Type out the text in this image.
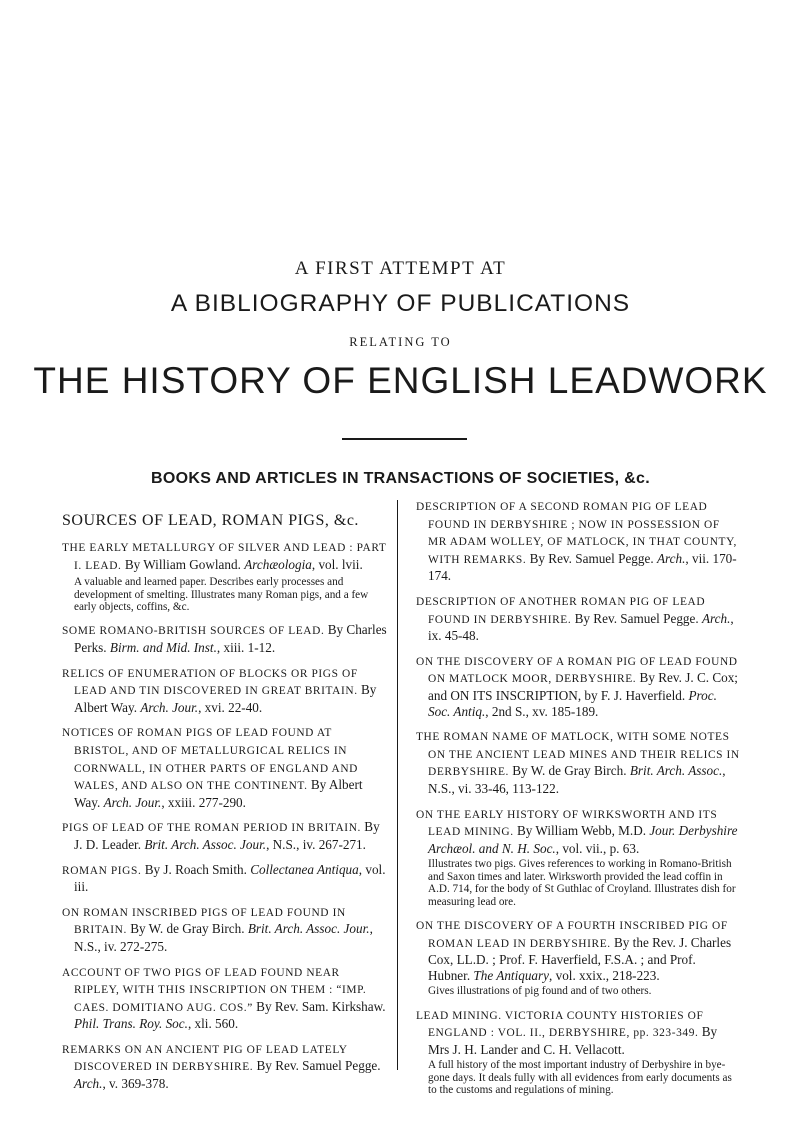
A FIRST ATTEMPT AT
A BIBLIOGRAPHY OF PUBLICATIONS
RELATING TO
THE HISTORY OF ENGLISH LEADWORK
BOOKS AND ARTICLES IN TRANSACTIONS OF SOCIETIES, &c.
SOURCES OF LEAD, ROMAN PIGS, &c.
THE EARLY METALLURGY OF SILVER AND LEAD : PART I. LEAD. By William Gowland. Archæologia, vol. lvii.
A valuable and learned paper. Describes early processes and development of smelting. Illustrates many Roman pigs, and a few early objects, coffins, &c.
SOME ROMANO-BRITISH SOURCES OF LEAD. By Charles Perks. Birm. and Mid. Inst., xiii. 1-12.
RELICS OF ENUMERATION OF BLOCKS OR PIGS OF LEAD AND TIN DISCOVERED IN GREAT BRITAIN. By Albert Way. Arch. Jour., xvi. 22-40.
NOTICES OF ROMAN PIGS OF LEAD FOUND AT BRISTOL, AND OF METALLURGICAL RELICS IN CORNWALL, IN OTHER PARTS OF ENGLAND AND WALES, AND ALSO ON THE CONTINENT. By Albert Way. Arch. Jour., xxiii. 277-290.
PIGS OF LEAD OF THE ROMAN PERIOD IN BRITAIN. By J. D. Leader. Brit. Arch. Assoc. Jour., N.S., iv. 267-271.
ROMAN PIGS. By J. Roach Smith. Collectanea Antiqua, vol. iii.
ON ROMAN INSCRIBED PIGS OF LEAD FOUND IN BRITAIN. By W. de Gray Birch. Brit. Arch. Assoc. Jour., N.S., iv. 272-275.
ACCOUNT OF TWO PIGS OF LEAD FOUND NEAR RIPLEY, WITH THIS INSCRIPTION ON THEM : “IMP. CAES. DOMITIANO AUG. COS.” By Rev. Sam. Kirkshaw. Phil. Trans. Roy. Soc., xli. 560.
REMARKS ON AN ANCIENT PIG OF LEAD LATELY DISCOVERED IN DERBYSHIRE. By Rev. Samuel Pegge. Arch., v. 369-378.
DESCRIPTION OF A SECOND ROMAN PIG OF LEAD FOUND IN DERBYSHIRE ; NOW IN POSSESSION OF MR ADAM WOLLEY, OF MATLOCK, IN THAT COUNTY, WITH REMARKS. By Rev. Samuel Pegge. Arch., vii. 170-174.
DESCRIPTION OF ANOTHER ROMAN PIG OF LEAD FOUND IN DERBYSHIRE. By Rev. Samuel Pegge. Arch., ix. 45-48.
ON THE DISCOVERY OF A ROMAN PIG OF LEAD FOUND ON MATLOCK MOOR, DERBYSHIRE. By Rev. J. C. Cox; and ON ITS INSCRIPTION, by F. J. Haverfield. Proc. Soc. Antiq., 2nd S., xv. 185-189.
THE ROMAN NAME OF MATLOCK, WITH SOME NOTES ON THE ANCIENT LEAD MINES AND THEIR RELICS IN DERBYSHIRE. By W. de Gray Birch. Brit. Arch. Assoc., N.S., vi. 33-46, 113-122.
ON THE EARLY HISTORY OF WIRKSWORTH AND ITS LEAD MINING. By William Webb, M.D. Jour. Derbyshire Archæol. and N. H. Soc., vol. vii., p. 63.
Illustrates two pigs. Gives references to working in Romano-British and Saxon times and later. Wirksworth provided the lead coffin in A.D. 714, for the body of St Guthlac of Croyland. Illustrates dish for measuring lead ore.
ON THE DISCOVERY OF A FOURTH INSCRIBED PIG OF ROMAN LEAD IN DERBYSHIRE. By the Rev. J. Charles Cox, LL.D. ; Prof. F. Haverfield, F.S.A. ; and Prof. Hubner. The Antiquary, vol. xxix., 218-223.
Gives illustrations of pig found and of two others.
LEAD MINING. VICTORIA COUNTY HISTORIES OF ENGLAND : VOL. II., DERBYSHIRE, pp. 323-349. By Mrs J. H. Lander and C. H. Vellacott.
A full history of the most important industry of Derbyshire in bye-gone days. It deals fully with all evidences from early documents as to the customs and regulations of mining.
